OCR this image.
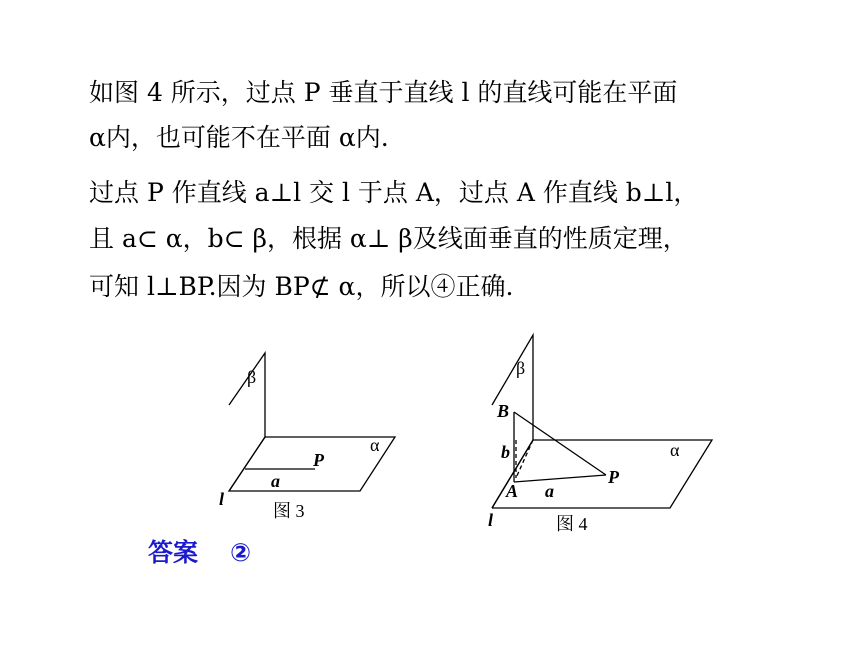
如图 4 所示，过点 P 垂直于直线 l 的直线可能在平面
α内，也可能不在平面 α内.
过点 P 作直线 a⊥l 交 l 于点 A，过点 A 作直线 b⊥l，
且 a⊂ α，b⊂ β，根据 α⊥ β及线面垂直的性质定理，
可知 l⊥BP.因为 BP⊄ α，所以④正确.
β
α
P
a
l
图 3
β
B
b	α
A a
P
l	图 4
答案 ②
